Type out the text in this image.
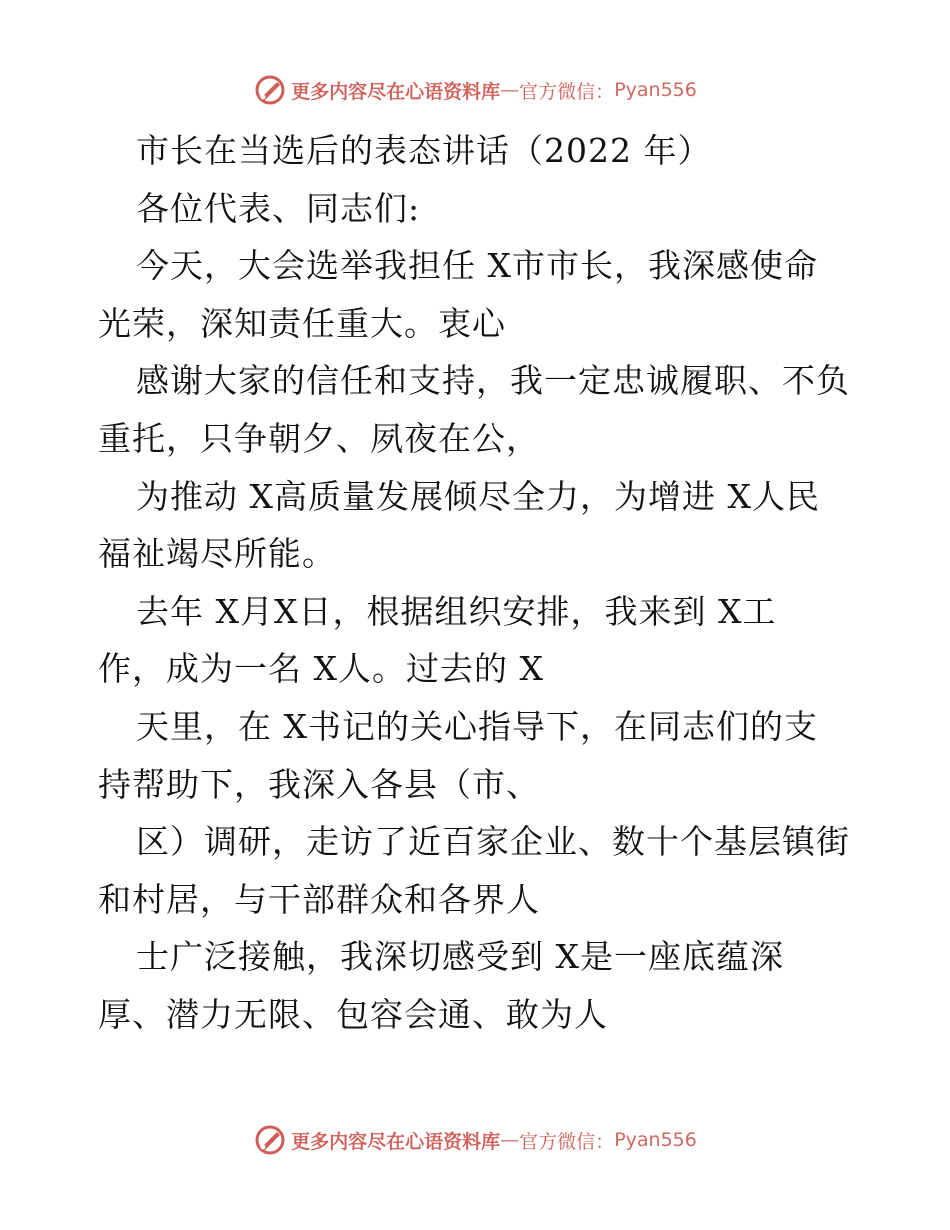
更多内容尽在心语资料库 — 官方微信： Pyan556
市长在当选后的表态讲话（2022 年）
各位代表、同志们:
今天，大会选举我担任 X市市长，我深感使命
光荣，深知责任重大。衷心
感谢大家的信任和支持，我一定忠诚履职、不负
重托，只争朝夕、夙夜在公，
为推动 X高质量发展倾尽全力，为增进 X人民
福祉竭尽所能。
去年 X月X日，根据组织安排，我来到 X工
作，成为一名 X人。过去的 X
天里，在 X书记的关心指导下，在同志们的支
持帮助下，我深入各县（市、
区）调研，走访了近百家企业、数十个基层镇街
和村居，与干部群众和各界人
士广泛接触，我深切感受到 X是一座底蕴深
厚、潜力无限、包容会通、敢为人
更多内容尽在心语资料库 — 官方微信： Pyan556
